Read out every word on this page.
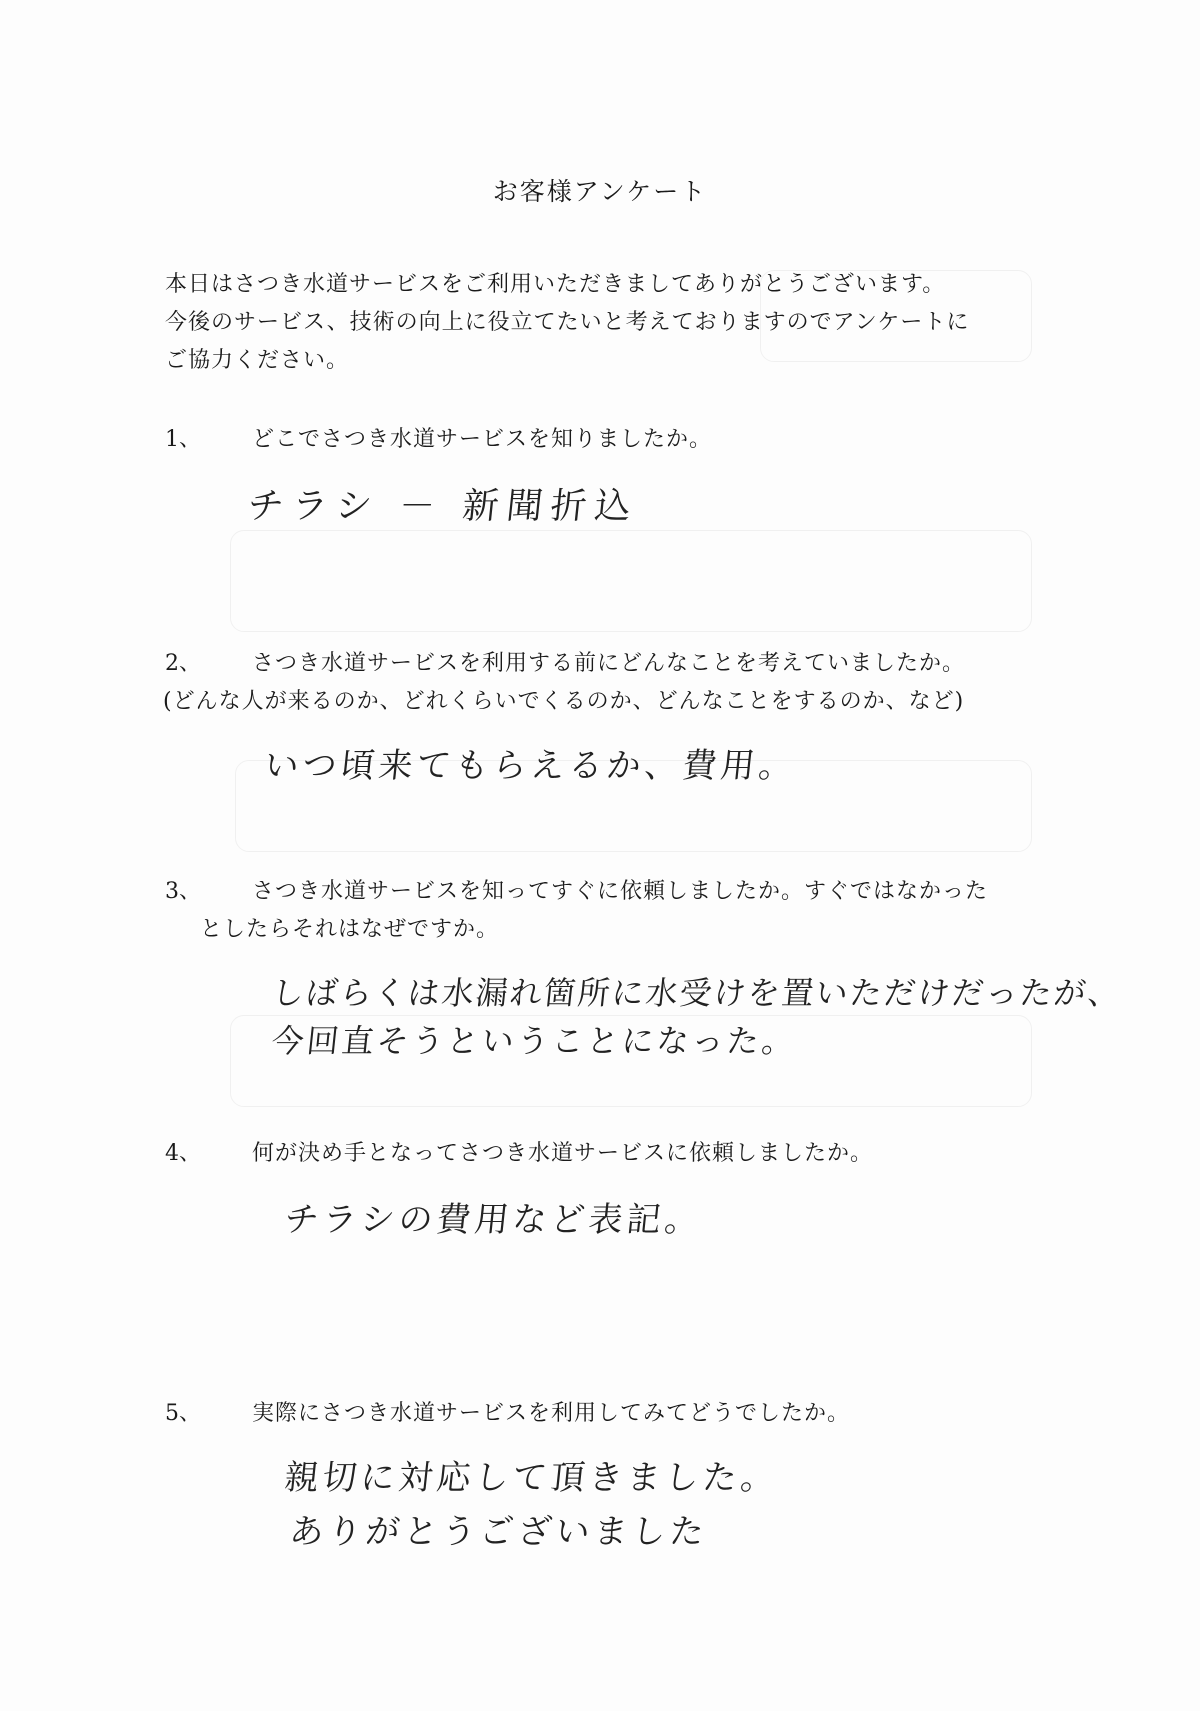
お客様アンケート
本日はさつき水道サービスをご利用いただきましてありがとうございます。
今後のサービス、技術の向上に役立てたいと考えておりますのでアンケートに
ご協力ください。
1、 どこでさつき水道サービスを知りましたか。
チラシ － 新聞折込
2、 さつき水道サービスを利用する前にどんなことを考えていましたか。
(どんな人が来るのか、どれくらいでくるのか、どんなことをするのか、など)
いつ頃来てもらえるか、費用。
3、 さつき水道サービスを知ってすぐに依頼しましたか。すぐではなかった
としたらそれはなぜですか。
しばらくは水漏れ箇所に水受けを置いただけだったが、
今回直そうということになった。
4、 何が決め手となってさつき水道サービスに依頼しましたか。
チラシの費用など表記。
5、 実際にさつき水道サービスを利用してみてどうでしたか。
親切に対応して頂きました。
ありがとうございました
